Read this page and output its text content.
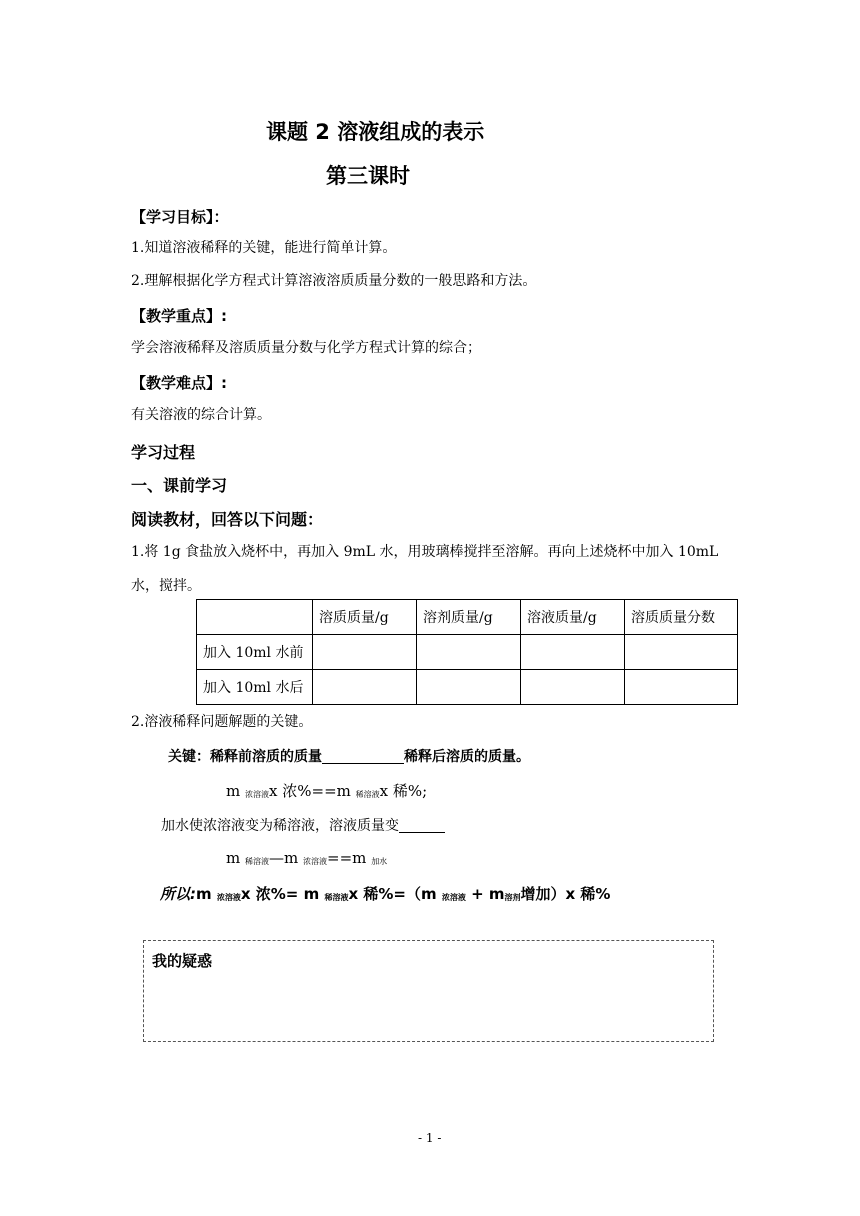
课题 2 溶液组成的表示
第三课时
【学习目标】：
1.知道溶液稀释的关键，能进行简单计算。
2.理解根据化学方程式计算溶液溶质质量分数的一般思路和方法。
【教学重点】:
学会溶液稀释及溶质质量分数与化学方程式计算的综合；
【教学难点】:
有关溶液的综合计算。
学习过程
一、课前学习
阅读教材，回答以下问题：
1.将 1g 食盐放入烧杯中，再加入 9mL 水，用玻璃棒搅拌至溶解。再向上述烧杯中加入 10mL
水，搅拌。
	溶质质量/g	溶剂质量/g	溶液质量/g	溶质质量分数
加入 10ml 水前				
加入 10ml 水后				
2.溶液稀释问题解题的关键。
关键：稀释前溶质的质量	稀释后溶质的质量。
m 浓溶液x 浓%==m 稀溶液x 稀%;
加水使浓溶液变为稀溶液，溶液质量变
m 稀溶液—m 浓溶液==m 加水
所以:m 浓溶液x 浓%= m 稀溶液x 稀%=（m 浓溶液 + m溶剂增加）x 稀%
我的疑惑
- 1 -
